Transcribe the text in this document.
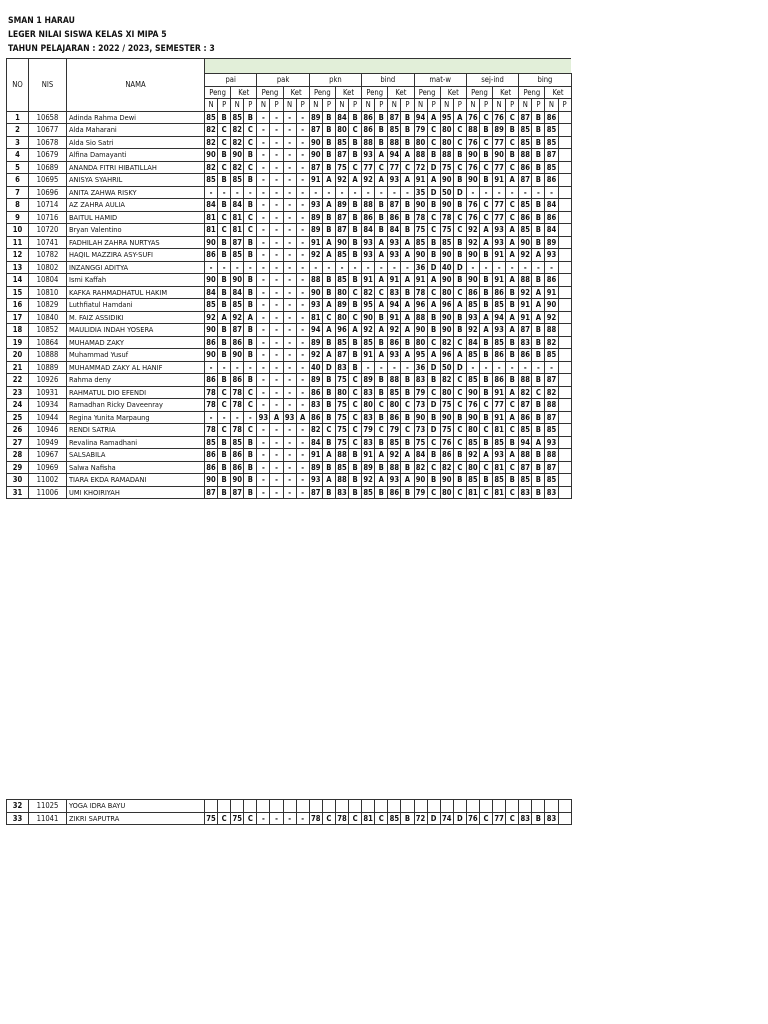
SMAN 1 HARAU
LEGER NILAI SISWA KELAS XI MIPA 5
TAHUN PELAJARAN : 2022 / 2023, SEMESTER : 3
NO	NIS	NAMA																												
			pai				pak				pkn				bind				mat-w				sej-ind				bing			
			Peng		Ket		Peng		Ket		Peng		Ket		Peng		Ket		Peng		Ket		Peng		Ket		Peng		Ket	
			N	P	N	P	N	P	N	P	N	P	N	P	N	P	N	P	N	P	N	P	N	P	N	P	N	P	N	P
1	10658	Adinda Rahma Dewi	85	B	85	B	-	-	-	-	89	B	84	B	86	B	87	B	94	A	95	A	76	C	76	C	87	B	86	
2	10677	Alda Maharani	82	C	82	C	-	-	-	-	87	B	80	C	86	B	85	B	79	C	80	C	88	B	89	B	85	B	85	
3	10678	Alda Sio Satri	82	C	82	C	-	-	-	-	90	B	85	B	88	B	88	B	80	C	80	C	76	C	77	C	85	B	85	
4	10679	Alfina Damayanti	90	B	90	B	-	-	-	-	90	B	87	B	93	A	94	A	88	B	88	B	90	B	90	B	88	B	87	
5	10689	ANANDA FITRI HIBATILLAH	82	C	82	C	-	-	-	-	87	B	75	C	77	C	77	C	72	D	75	C	76	C	77	C	86	B	85	
6	10695	ANISYA SYAHRIL	85	B	85	B	-	-	-	-	91	A	92	A	92	A	93	A	91	A	90	B	90	B	91	A	87	B	86	
7	10696	ANITA ZAHWA RISKY	-	-	-	-	-	-	-	-	-	-	-	-	-	-	-	-	35	D	50	D	-	-	-	-	-	-	-	
8	10714	AZ ZAHRA AULIA	84	B	84	B	-	-	-	-	93	A	89	B	88	B	87	B	90	B	90	B	76	C	77	C	85	B	84	
9	10716	BAITUL HAMID	81	C	81	C	-	-	-	-	89	B	87	B	86	B	86	B	78	C	78	C	76	C	77	C	86	B	86	
10	10720	Bryan Valentino	81	C	81	C	-	-	-	-	89	B	87	B	84	B	84	B	75	C	75	C	92	A	93	A	85	B	84	
11	10741	FADHILAH ZAHRA NURTYAS	90	B	87	B	-	-	-	-	91	A	90	B	93	A	93	A	85	B	85	B	92	A	93	A	90	B	89	
12	10782	HAQIL MAZZIRA ASY-SUFI	86	B	85	B	-	-	-	-	92	A	85	B	93	A	93	A	90	B	90	B	90	B	91	A	92	A	93	
13	10802	INZANGGI ADITYA	-	-	-	-	-	-	-	-	-	-	-	-	-	-	-	-	36	D	40	D	-	-	-	-	-	-	-	
14	10804	Ismi Kaffah	90	B	90	B	-	-	-	-	88	B	85	B	91	A	91	A	91	A	90	B	90	B	91	A	88	B	86	
15	10810	KAFKA RAHMADHATUL HAKIM	84	B	84	B	-	-	-	-	90	B	80	C	82	C	83	B	78	C	80	C	86	B	86	B	92	A	91	
16	10829	Luthfiatul Hamdani	85	B	85	B	-	-	-	-	93	A	89	B	95	A	94	A	96	A	96	A	85	B	85	B	91	A	90	
17	10840	M. FAIZ ASSIDIKI	92	A	92	A	-	-	-	-	81	C	80	C	90	B	91	A	88	B	90	B	93	A	94	A	91	A	92	
18	10852	MAULIDIA INDAH YOSERA	90	B	87	B	-	-	-	-	94	A	96	A	92	A	92	A	90	B	90	B	92	A	93	A	87	B	88	
19	10864	MUHAMAD ZAKY	86	B	86	B	-	-	-	-	89	B	85	B	85	B	86	B	80	C	82	C	84	B	85	B	83	B	82	
20	10888	Muhammad Yusuf	90	B	90	B	-	-	-	-	92	A	87	B	91	A	93	A	95	A	96	A	85	B	86	B	86	B	85	
21	10889	MUHAMMAD ZAKY AL HANIF	-	-	-	-	-	-	-	-	40	D	83	B	-	-	-	-	36	D	50	D	-	-	-	-	-	-	-	
22	10926	Rahma deny	86	B	86	B	-	-	-	-	89	B	75	C	89	B	88	B	83	B	82	C	85	B	86	B	88	B	87	
23	10931	RAHMATUL DIO EFENDI	78	C	78	C	-	-	-	-	86	B	80	C	83	B	85	B	79	C	80	C	90	B	91	A	82	C	82	
24	10934	Ramadhan Ricky Daveenray	78	C	78	C	-	-	-	-	83	B	75	C	80	C	80	C	73	D	75	C	76	C	77	C	87	B	88	
25	10944	Regina Yunita Marpaung	-	-	-	-	93	A	93	A	86	B	75	C	83	B	86	B	90	B	90	B	90	B	91	A	86	B	87	
26	10946	RENDI SATRIA	78	C	78	C	-	-	-	-	82	C	75	C	79	C	79	C	73	D	75	C	80	C	81	C	85	B	85	
27	10949	Revalina Ramadhani	85	B	85	B	-	-	-	-	84	B	75	C	83	B	85	B	75	C	76	C	85	B	85	B	94	A	93	
28	10967	SALSABILA	86	B	86	B	-	-	-	-	91	A	88	B	91	A	92	A	84	B	86	B	92	A	93	A	88	B	88	
29	10969	Salwa Nafisha	86	B	86	B	-	-	-	-	89	B	85	B	89	B	88	B	82	C	82	C	80	C	81	C	87	B	87	
30	11002	TIARA EKDA RAMADANI	90	B	90	B	-	-	-	-	93	A	88	B	92	A	93	A	90	B	90	B	85	B	85	B	85	B	85	
31	11006	UMI KHOIRIYAH	87	B	87	B	-	-	-	-	87	B	83	B	85	B	86	B	79	C	80	C	81	C	81	C	83	B	83	
32	11025	YOGA IDRA BAYU																												
33	11041	ZIKRI SAPUTRA	75	C	75	C	-	-	-	-	78	C	78	C	81	C	85	B	72	D	74	D	76	C	77	C	83	B	83	
